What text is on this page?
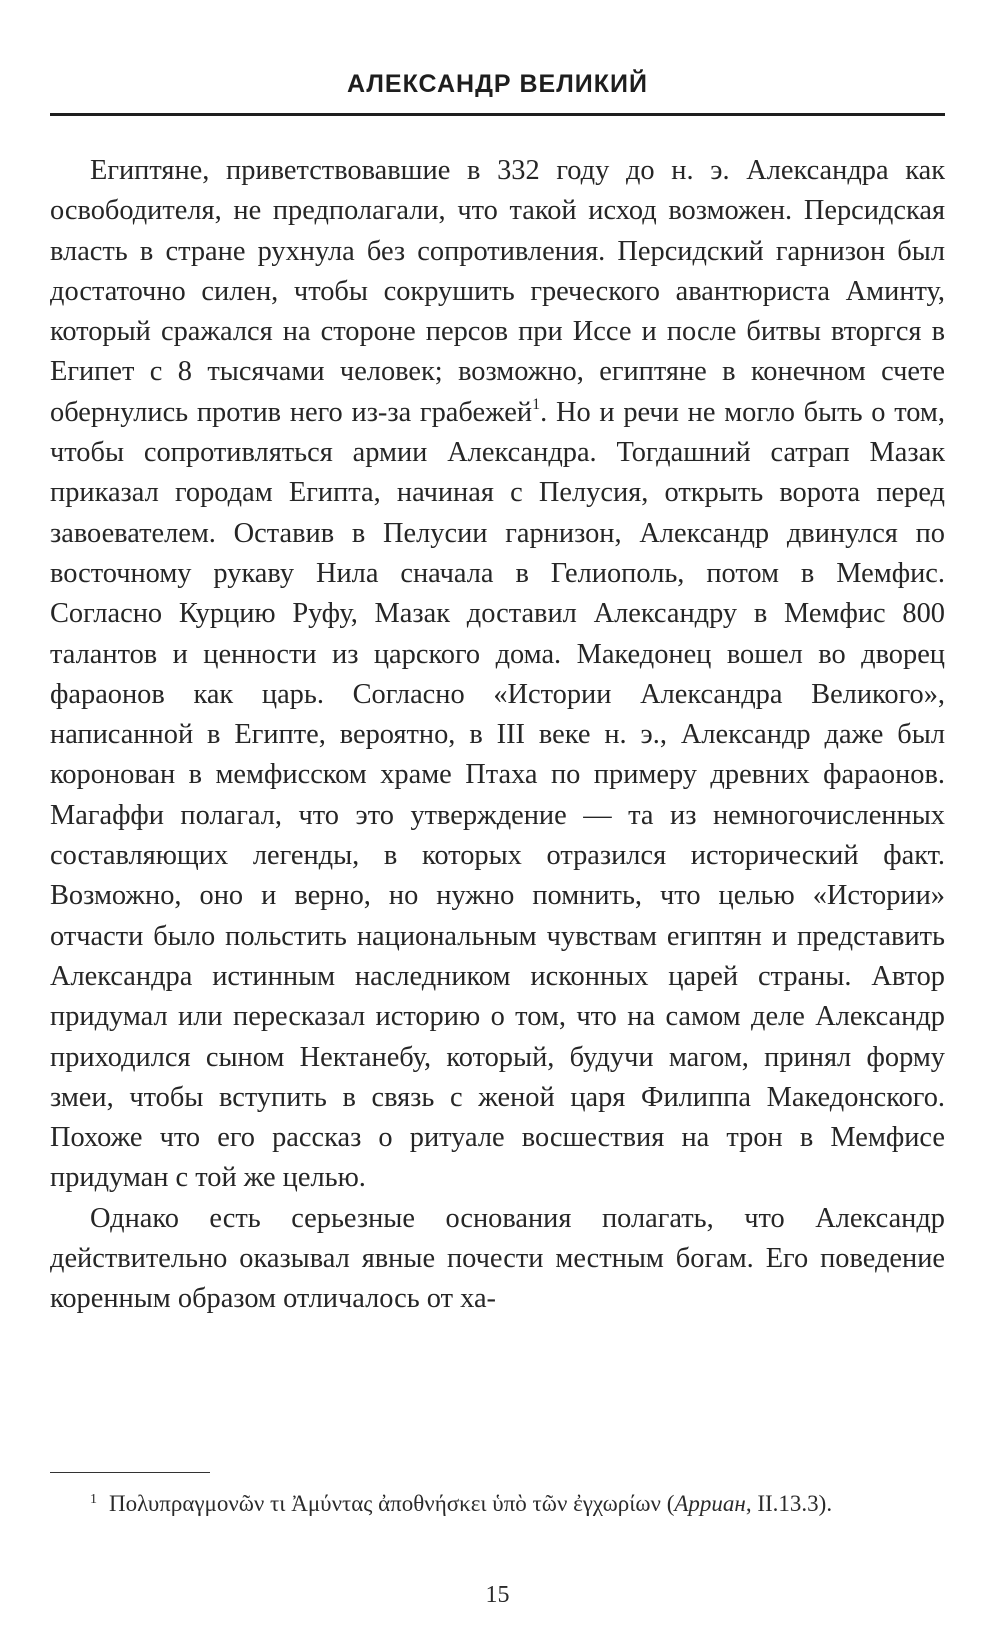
АЛЕКСАНДР ВЕЛИКИЙ

Египтяне, приветствовавшие в 332 году до н. э. Александра как освободителя, не предполагали, что такой исход возможен. Персидская власть в стране рухнула без сопротивления. Персидский гарнизон был достаточно силен, чтобы сокрушить греческого авантюриста Аминту, который сражался на стороне персов при Иссе и после битвы вторгся в Египет с 8 тысячами человек; возможно, египтяне в конечном счете обернулись против него из-за грабежей$^1$. Но и речи не могло быть о том, чтобы сопротивляться армии Александра. Тогдашний сатрап Мазак приказал городам Египта, начиная с Пелусия, открыть ворота перед завоевателем. Оставив в Пелусии гарнизон, Александр двинулся по восточному рукаву Нила сначала в Гелиополь, потом в Мемфис. Согласно Курцию Руфу, Мазак доставил Александру в Мемфис 800 талантов и ценности из царского дома. Македонец вошел во дворец фараонов как царь. Согласно «Истории Александра Великого», написанной в Египте, вероятно, в III веке н. э., Александр даже был коронован в мемфисском храме Птаха по примеру древних фараонов. Магаффи полагал, что это утверждение — та из немногочисленных составляющих легенды, в которых отразился исторический факт. Возможно, оно и верно, но нужно помнить, что целью «Истории» отчасти было польстить национальным чувствам египтян и представить Александра истинным наследником исконных царей страны. Автор придумал или пересказал историю о том, что на самом деле Александр приходился сыном Нектанебу, который, будучи магом, принял форму змеи, чтобы вступить в связь с женой царя Филиппа Македонского. Похоже что его рассказ о ритуале восшествия на трон в Мемфисе придуман с той же целью.

Однако есть серьезные основания полагать, что Александр действительно оказывал явные почести местным богам. Его поведение коренным образом отличалось от ха-

$^1$ Πολυπραγμονῶν τι Ἀμύντας ἀποθνήσκει ὑπὸ τῶν ἐγχωρίων (Арриан, II.13.3).
15
